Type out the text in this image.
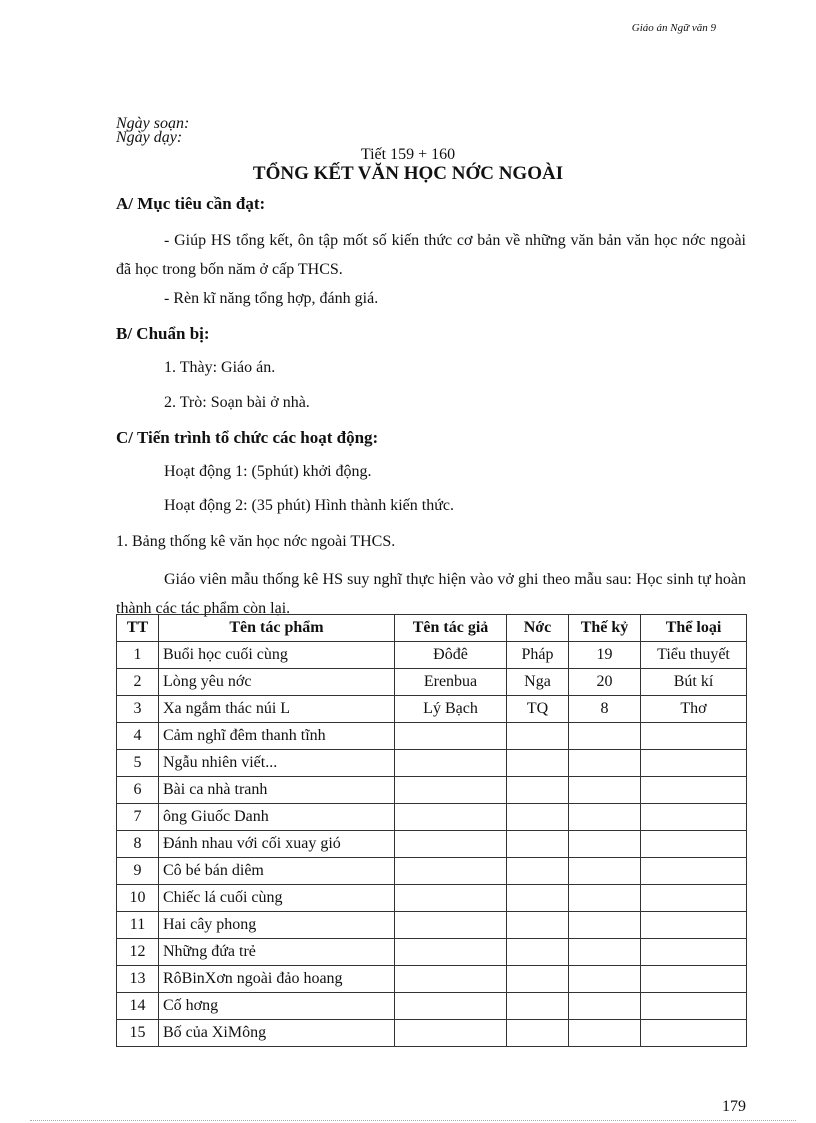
Giáo án Ngữ văn 9
Ngày soạn:
Ngày dạy:
Tiết 159 + 160
TỔNG KẾT VĂN HỌC NỚC NGOÀI
A/ Mục tiêu cần đạt:
- Giúp HS tổng kết, ôn tập mốt số kiến thức cơ bản về những văn bản văn học nớc ngoài đã học trong bốn năm ở cấp THCS.
- Rèn kĩ năng tổng hợp, đánh giá.
B/ Chuẩn bị:
1. Thày: Giáo án.
2. Trò: Soạn bài ở nhà.
C/ Tiến trình tổ chức các hoạt động:
Hoạt động 1: (5phút) khởi động.
Hoạt động 2: (35 phút) Hình thành kiến thức.
1. Bảng thống kê văn học nớc ngoài THCS.
Giáo viên mẫu thống kê HS suy nghĩ thực hiện vào vở ghi theo mẫu sau: Học sinh tự hoàn thành các tác phẩm còn lại.
TT	Tên tác phẩm	Tên tác giả	Nớc	Thế kỷ	Thể loại
1	Buổi học cuối cùng	Đôđê	Pháp	19	Tiểu thuyết
2	Lòng yêu nớc	Erenbua	Nga	20	Bút kí
3	Xa ngắm thác núi L	Lý Bạch	TQ	8	Thơ
4	Cảm nghĩ đêm thanh tĩnh				
5	Ngẫu nhiên viết...				
6	Bài ca nhà tranh				
7	ông Giuốc Danh				
8	Đánh nhau với cối xuay gió				
9	Cô bé bán diêm				
10	Chiếc lá cuối cùng				
11	Hai cây phong				
12	Những đứa trẻ				
13	RôBinXơn ngoài đảo hoang				
14	Cố hơng				
15	Bố của XiMông				
179
